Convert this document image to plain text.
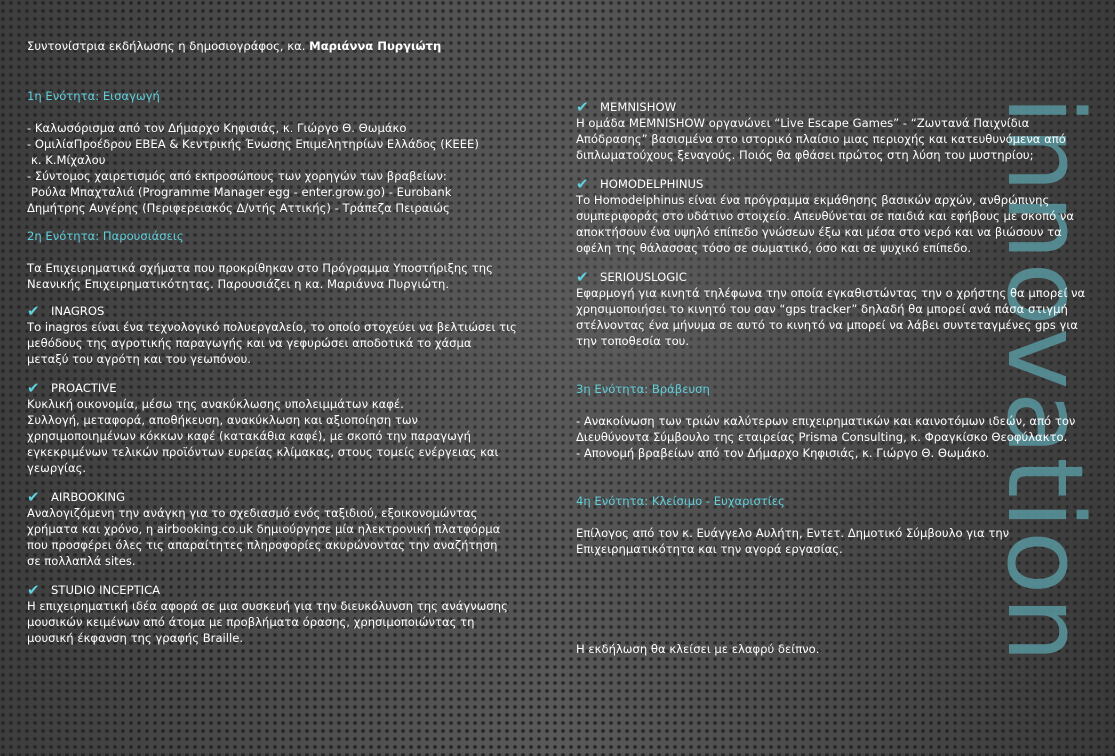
innovation
Συντονίστρια εκδήλωσης η δημοσιογράφος, κα. Μαριάννα Πυργιώτη
1η Ενότητα: Εισαγωγή
- Καλωσόρισμα από τον Δήμαρχο Κηφισιάς, κ. Γιώργο Θ. Θωμάκο
- ΟμιλίαΠροέδρου ΕΒΕΑ & Κεντρικής Ένωσης Επιμελητηρίων Ελλάδος (ΚΕΕΕ)
κ. Κ.Μίχαλου
- Σύντομος χαιρετισμός από εκπροσώπους των χορηγών των βραβείων:
Ρούλα Μπαχταλιά (Programme Manager egg - enter.grow.go) - Eurobank
Δημήτρης Αυγέρης (Περιφερειακός Δ/ντής Αττικής) - Τράπεζα Πειραιώς
2η Ενότητα: Παρουσιάσεις
Τα Επιχειρηματικά σχήματα που προκρίθηκαν στο Πρόγραμμα Υποστήριξης της
Νεανικής Επιχειρηματικότητας. Παρουσιάζει η κα. Μαριάννα Πυργιώτη.
✔ INAGROS
Το inagros είναι ένα τεχνολογικό πολυεργαλείο, το οποίο στοχεύει να βελτιώσει τις
μεθόδους της αγροτικής παραγωγής και να γεφυρώσει αποδοτικά το χάσμα
μεταξύ του αγρότη και του γεωπόνου.
✔ PROACTIVE
Κυκλική οικονομία, μέσω της ανακύκλωσης υπολειμμάτων καφέ.
Συλλογή, μεταφορά, αποθήκευση, ανακύκλωση και αξιοποίηση των
χρησιμοποιημένων κόκκων καφέ (κατακάθια καφέ), με σκοπό την παραγωγή
εγκεκριμένων τελικών προϊόντων ευρείας κλίμακας, στους τομείς ενέργειας και
γεωργίας.
✔ AIRBOOKING
Αναλογιζόμενη την ανάγκη για το σχεδιασμό ενός ταξιδιού, εξοικονομώντας
χρήματα και χρόνο, η airbooking.co.uk δημιούργησε μία ηλεκτρονική πλατφόρμα
που προσφέρει όλες τις απαραίτητες πληροφορίες ακυρώνοντας την αναζήτηση
σε πολλαπλά sites.
✔ STUDIO INCEPTICA
Η επιχειρηματική ιδέα αφορά σε μια συσκευή για την διευκόλυνση της ανάγνωσης
μουσικών κειμένων από άτομα με προβλήματα όρασης, χρησιμοποιώντας τη
μουσική έκφανση της γραφής Braille.
✔ MEMNISHOW
Η ομάδα MEMNISHOW οργανώνει “Live Escape Games” - “Ζωντανά Παιχνίδια
Απόδρασης” βασισμένα στο ιστορικό πλαίσιο μιας περιοχής και κατευθυνόμενα από
διπλωματούχους ξεναγούς. Ποιός θα φθάσει πρώτος στη λύση του μυστηρίου;
✔ HOMODELPHINUS
Το Homodelphinus είναι ένα πρόγραμμα εκμάθησης βασικών αρχών, ανθρώπινης
συμπεριφοράς στο υδάτινο στοιχείο. Απευθύνεται σε παιδιά και εφήβους με σκοπό να
αποκτήσουν ένα υψηλό επίπεδο γνώσεων έξω και μέσα στο νερό και να βιώσουν τα
οφέλη της θάλασσας τόσο σε σωματικό, όσο και σε ψυχικό επίπεδο.
✔ SERIOUSLOGIC
Εφαρμογή για κινητά τηλέφωνα την οποία εγκαθιστώντας την ο χρήστης θα μπορεί να
χρησιμοποιήσει το κινητό του σαν “gps tracker” δηλαδή θα μπορεί ανά πάσα στιγμή
στέλνοντας ένα μήνυμα σε αυτό το κινητό να μπορεί να λάβει συντεταγμένες gps για
την τοποθεσία του.
3η Ενότητα: Βράβευση
- Ανακοίνωση των τριών καλύτερων επιχειρηματικών και καινοτόμων ιδεών, από τον
Διευθύνοντα Σύμβουλο της εταιρείας Prisma Consulting, κ. Φραγκίσκο Θεοφύλακτο.
- Απονομή βραβείων από τον Δήμαρχο Κηφισιάς, κ. Γιώργο Θ. Θωμάκο.
4η Ενότητα: Κλείσιμο - Ευχαριστίες
Επίλογος από τον κ. Ευάγγελο Αυλήτη, Εντετ. Δημοτικό Σύμβουλο για την
Επιχειρηματικότητα και την αγορά εργασίας.
Η εκδήλωση θα κλείσει με ελαφρύ δείπνο.
